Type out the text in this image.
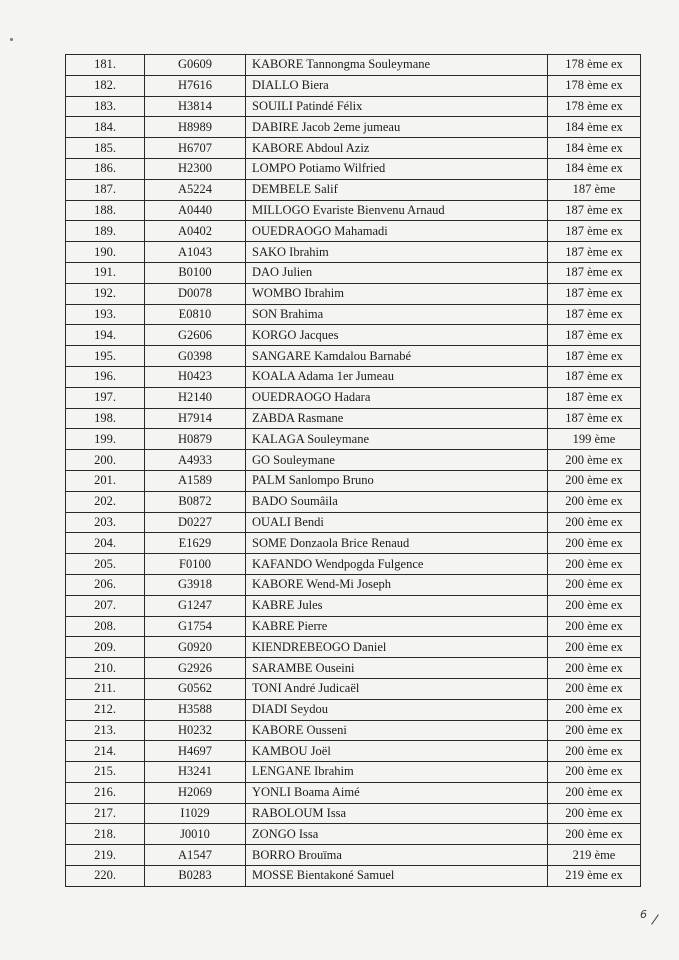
181.	G0609	KABORE Tannongma Souleymane	178 ème ex
182.	H7616	DIALLO Biera	178 ème ex
183.	H3814	SOUILI Patindé Félix	178 ème ex
184.	H8989	DABIRE Jacob 2eme jumeau	184 ème ex
185.	H6707	KABORE Abdoul Aziz	184 ème ex
186.	H2300	LOMPO Potiamo Wilfried	184 ème ex
187.	A5224	DEMBELE Salif	187 ème
188.	A0440	MILLOGO Evariste Bienvenu Arnaud	187 ème ex
189.	A0402	OUEDRAOGO Mahamadi	187 ème ex
190.	A1043	SAKO Ibrahim	187 ème ex
191.	B0100	DAO Julien	187 ème ex
192.	D0078	WOMBO Ibrahim	187 ème ex
193.	E0810	SON Brahima	187 ème ex
194.	G2606	KORGO Jacques	187 ème ex
195.	G0398	SANGARE Kamdalou Barnabé	187 ème ex
196.	H0423	KOALA Adama 1er Jumeau	187 ème ex
197.	H2140	OUEDRAOGO Hadara	187 ème ex
198.	H7914	ZABDA Rasmane	187 ème ex
199.	H0879	KALAGA Souleymane	199 ème
200.	A4933	GO Souleymane	200 ème ex
201.	A1589	PALM Sanlompo Bruno	200 ème ex
202.	B0872	BADO Soumâila	200 ème ex
203.	D0227	OUALI Bendi	200 ème ex
204.	E1629	SOME Donzaola Brice Renaud	200 ème ex
205.	F0100	KAFANDO Wendpogda Fulgence	200 ème ex
206.	G3918	KABORE Wend-Mi Joseph	200 ème ex
207.	G1247	KABRE Jules	200 ème ex
208.	G1754	KABRE Pierre	200 ème ex
209.	G0920	KIENDREBEOGO Daniel	200 ème ex
210.	G2926	SARAMBE Ouseini	200 ème ex
211.	G0562	TONI André Judicaël	200 ème ex
212.	H3588	DIADI Seydou	200 ème ex
213.	H0232	KABORE Ousseni	200 ème ex
214.	H4697	KAMBOU Joël	200 ème ex
215.	H3241	LENGANE Ibrahim	200 ème ex
216.	H2069	YONLI Boama Aimé	200 ème ex
217.	I1029	RABOLOUM Issa	200 ème ex
218.	J0010	ZONGO Issa	200 ème ex
219.	A1547	BORRO Brouïma	219 ème
220.	B0283	MOSSE Bientakoné Samuel	219 ème ex
6
